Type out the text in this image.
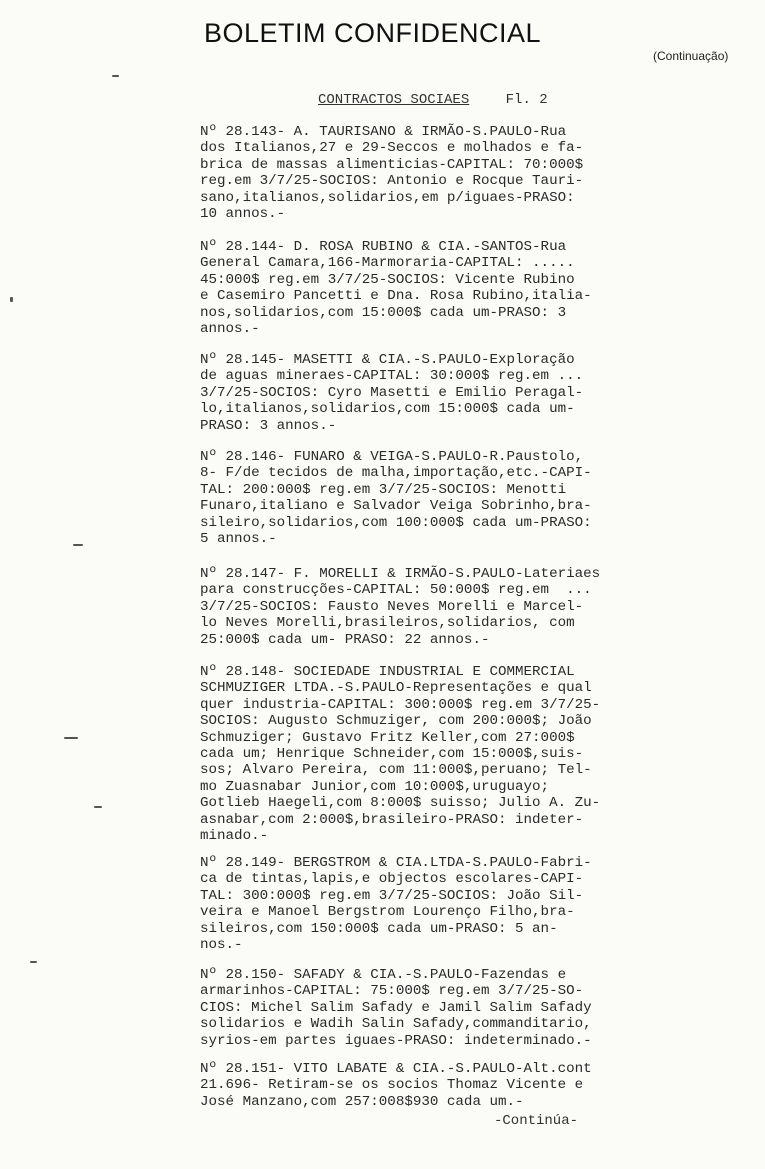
BOLETIM CONFIDENCIAL
(Continuação)
CONTRACTOS SOCIAES	Fl. 2

Nº 28.143- A. TAURISANO & IRMÃO-S.PAULO-Rua
dos Italianos,27 e 29-Seccos e molhados e fa-
brica de massas alimenticias-CAPITAL: 70:000$
reg.em 3/7/25-SOCIOS: Antonio e Rocque Tauri-
sano,italianos,solidarios,em p/iguaes-PRASO:
10 annos.-

Nº 28.144- D. ROSA RUBINO & CIA.-SANTOS-Rua
General Camara,166-Marmoraria-CAPITAL: .....
45:000$ reg.em 3/7/25-SOCIOS: Vicente Rubino
e Casemiro Pancetti e Dna. Rosa Rubino,italia-
nos,solidarios,com 15:000$ cada um-PRASO: 3
annos.-

Nº 28.145- MASETTI & CIA.-S.PAULO-Exploração
de aguas mineraes-CAPITAL: 30:000$ reg.em ...
3/7/25-SOCIOS: Cyro Masetti e Emilio Peragal-
lo,italianos,solidarios,com 15:000$ cada um-
PRASO: 3 annos.-

Nº 28.146- FUNARO & VEIGA-S.PAULO-R.Paustolo,
8- F/de tecidos de malha,importação,etc.-CAPI-
TAL: 200:000$ reg.em 3/7/25-SOCIOS: Menotti
Funaro,italiano e Salvador Veiga Sobrinho,bra-
sileiro,solidarios,com 100:000$ cada um-PRASO:
5 annos.-

Nº 28.147- F. MORELLI & IRMÃO-S.PAULO-Lateriaes
para construcções-CAPITAL: 50:000$ reg.em  ...
3/7/25-SOCIOS: Fausto Neves Morelli e Marcel-
lo Neves Morelli,brasileiros,solidarios, com
25:000$ cada um- PRASO: 22 annos.-

Nº 28.148- SOCIEDADE INDUSTRIAL E COMMERCIAL
SCHMUZIGER LTDA.-S.PAULO-Representações e qual
quer industria-CAPITAL: 300:000$ reg.em 3/7/25-
SOCIOS: Augusto Schmuziger, com 200:000$; João
Schmuziger; Gustavo Fritz Keller,com 27:000$
cada um; Henrique Schneider,com 15:000$,suis-
sos; Alvaro Pereira, com 11:000$,peruano; Tel-
mo Zuasnabar Junior,com 10:000$,uruguayo;
Gotlieb Haegeli,com 8:000$ suisso; Julio A. Zu-
asnabar,com 2:000$,brasileiro-PRASO: indeter-
minado.-

Nº 28.149- BERGSTROM & CIA.LTDA-S.PAULO-Fabri-
ca de tintas,lapis,e objectos escolares-CAPI-
TAL: 300:000$ reg.em 3/7/25-SOCIOS: João Sil-
veira e Manoel Bergstrom Lourenço Filho,bra-
sileiros,com 150:000$ cada um-PRASO: 5 an-
nos.-

Nº 28.150- SAFADY & CIA.-S.PAULO-Fazendas e
armarinhos-CAPITAL: 75:000$ reg.em 3/7/25-SO-
CIOS: Michel Salim Safady e Jamil Salim Safady
solidarios e Wadih Salin Safady,commanditario,
syrios-em partes iguaes-PRASO: indeterminado.-

Nº 28.151- VITO LABATE & CIA.-S.PAULO-Alt.cont
21.696- Retiram-se os socios Thomaz Vicente e
José Manzano,com 257:008$930 cada um.-

-Continúa-
